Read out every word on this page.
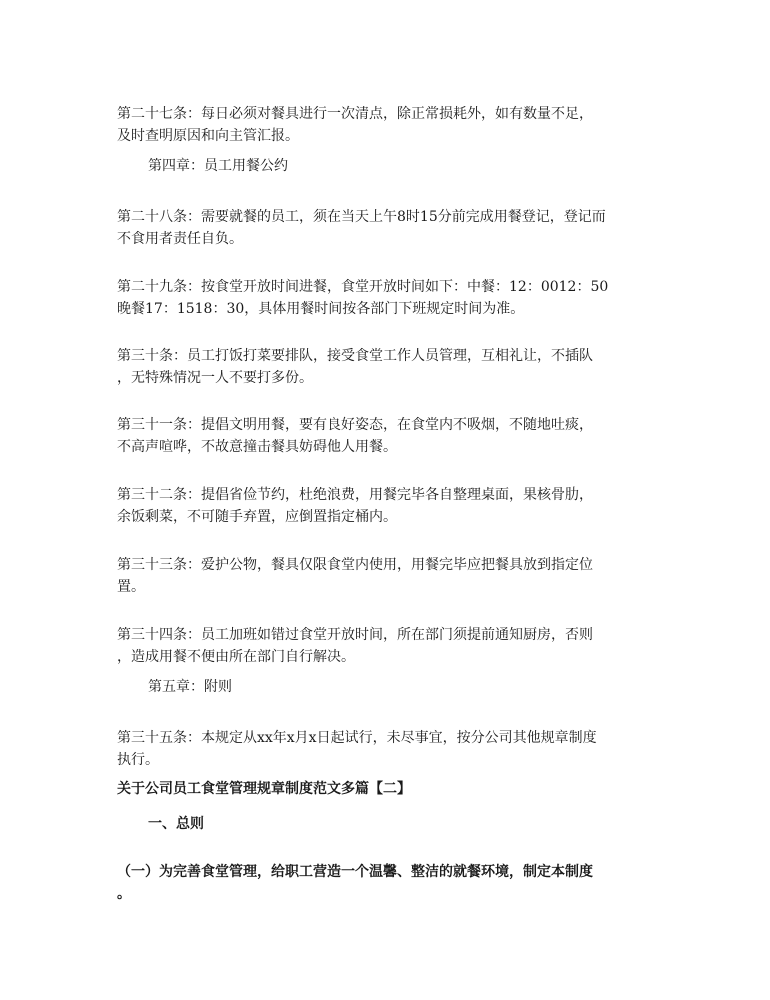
第二十七条：每日必须对餐具进行一次清点，除正常损耗外，如有数量不足，
及时查明原因和向主管汇报。

第四章：员工用餐公约

第二十八条：需要就餐的员工，须在当天上午8时15分前完成用餐登记，登记而
不食用者责任自负。

第二十九条：按食堂开放时间进餐，食堂开放时间如下：中餐：12：0012：50
晚餐17：1518：30，具体用餐时间按各部门下班规定时间为准。

第三十条：员工打饭打菜要排队，接受食堂工作人员管理，互相礼让，不插队
，无特殊情况一人不要打多份。

第三十一条：提倡文明用餐，要有良好姿态，在食堂内不吸烟，不随地吐痰，
不高声喧哗，不故意撞击餐具妨碍他人用餐。

第三十二条：提倡省俭节约，杜绝浪费，用餐完毕各自整理桌面，果核骨肋，
余饭剩菜，不可随手弃置，应倒置指定桶内。

第三十三条：爱护公物，餐具仅限食堂内使用，用餐完毕应把餐具放到指定位
置。

第三十四条：员工加班如错过食堂开放时间，所在部门须提前通知厨房，否则
，造成用餐不便由所在部门自行解决。

第五章：附则

第三十五条：本规定从xx年x月x日起试行，未尽事宜，按分公司其他规章制度
执行。

关于公司员工食堂管理规章制度范文多篇【二】

一、总则

（一）为完善食堂管理，给职工营造一个温馨、整洁的就餐环境，制定本制度
。
